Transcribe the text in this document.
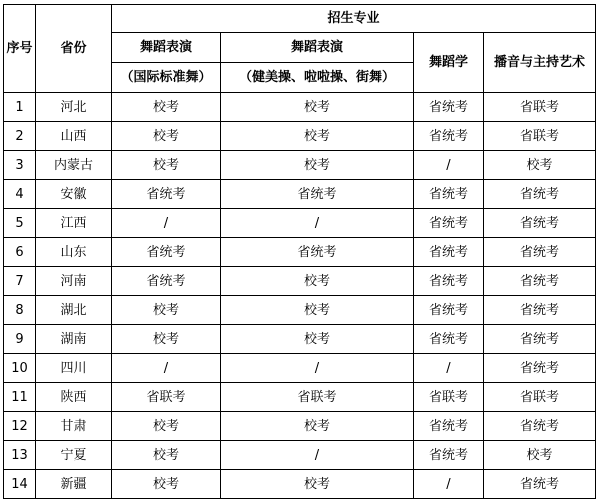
序号	省份	招生专业			
		舞蹈表演	舞蹈表演	舞蹈学	播音与主持艺术
		（国际标准舞）	（健美操、啦啦操、街舞）		
1	河北	校考	校考	省统考	省联考
2	山西	校考	校考	省统考	省联考
3	内蒙古	校考	校考	/	校考
4	安徽	省统考	省统考	省统考	省统考
5	江西	/	/	省统考	省统考
6	山东	省统考	省统考	省统考	省统考
7	河南	省统考	校考	省统考	省统考
8	湖北	校考	校考	省统考	省统考
9	湖南	校考	校考	省统考	省统考
10	四川	/	/	/	省统考
11	陕西	省联考	省联考	省联考	省联考
12	甘肃	校考	校考	省统考	省统考
13	宁夏	校考	/	省统考	校考
14	新疆	校考	校考	/	省统考
